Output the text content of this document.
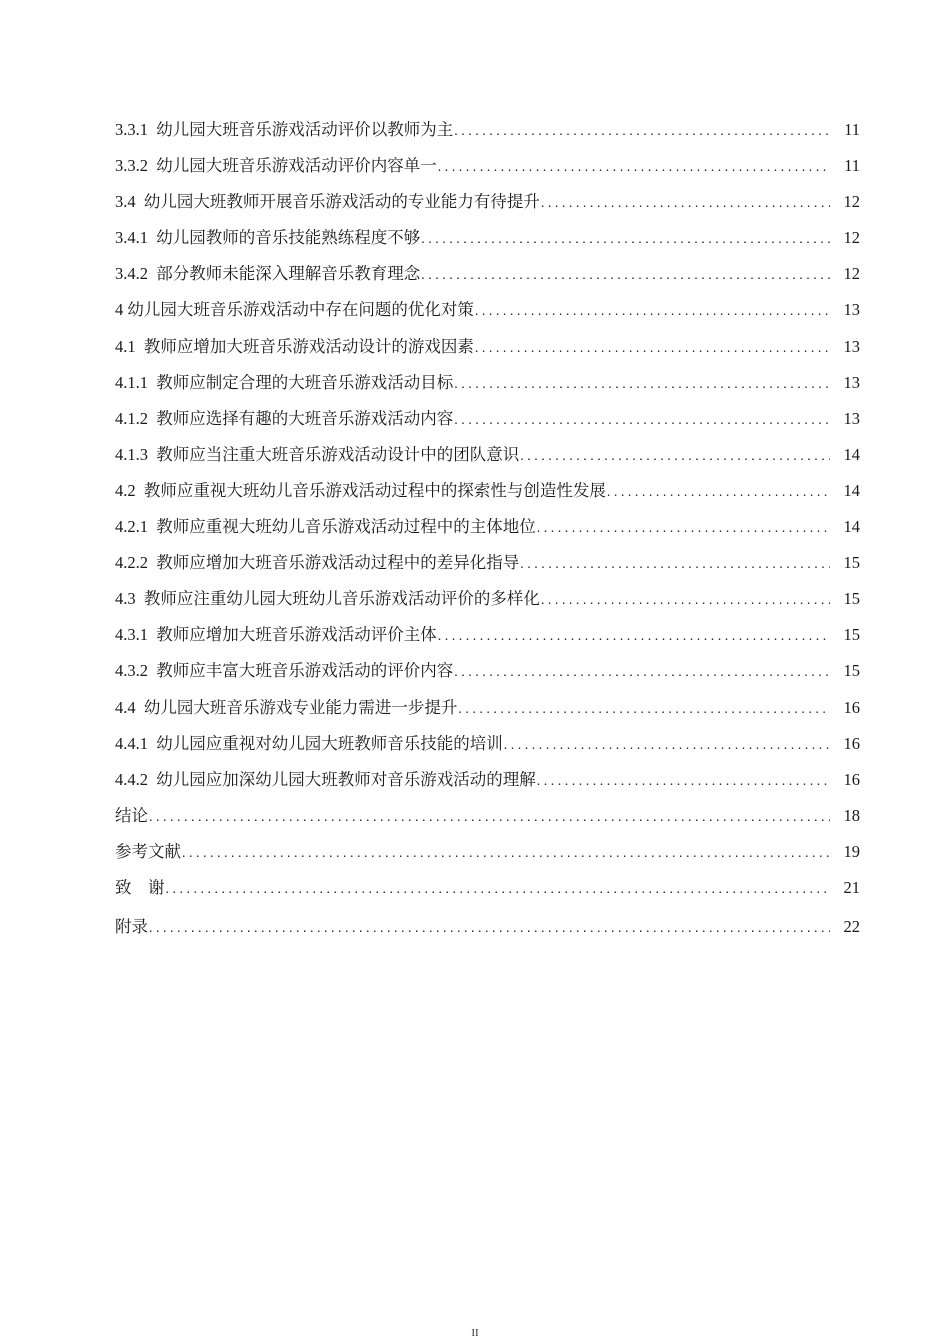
3.3.1  幼儿园大班音乐游戏活动评价以教师为主 . . .	11
3.3.2  幼儿园大班音乐游戏活动评价内容单一 . . .	11
3.4  幼儿园大班教师开展音乐游戏活动的专业能力有待提升 . . .	12
3.4.1  幼儿园教师的音乐技能熟练程度不够 . . .	12
3.4.2  部分教师未能深入理解音乐教育理念 . . .	12
4 幼儿园大班音乐游戏活动中存在问题的优化对策 . . .	13
4.1  教师应增加大班音乐游戏活动设计的游戏因素 . . .	13
4.1.1  教师应制定合理的大班音乐游戏活动目标 . . .	13
4.1.2  教师应选择有趣的大班音乐游戏活动内容 . . .	13
4.1.3  教师应当注重大班音乐游戏活动设计中的团队意识 . . .	14
4.2  教师应重视大班幼儿音乐游戏活动过程中的探索性与创造性发展 . . .	14
4.2.1  教师应重视大班幼儿音乐游戏活动过程中的主体地位 . . .	14
4.2.2  教师应增加大班音乐游戏活动过程中的差异化指导 . . .	15
4.3  教师应注重幼儿园大班幼儿音乐游戏活动评价的多样化 . . .	15
4.3.1  教师应增加大班音乐游戏活动评价主体 . . .	15
4.3.2  教师应丰富大班音乐游戏活动的评价内容 . . .	15
4.4  幼儿园大班音乐游戏专业能力需进一步提升 . . .	16
4.4.1  幼儿园应重视对幼儿园大班教师音乐技能的培训 . . .	16
4.4.2  幼儿园应加深幼儿园大班教师对音乐游戏活动的理解 . . .	16
结论 . . .	18
参考文献 . . .	19
致    谢 . . .	21
附录 . . .	22
II
